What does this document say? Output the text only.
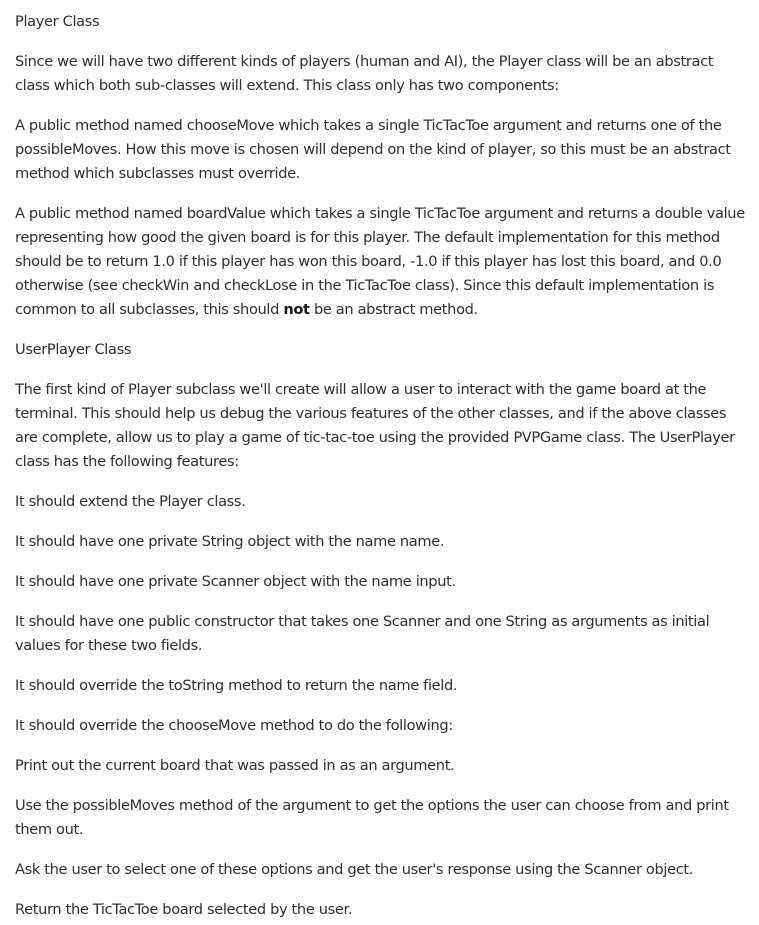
Player Class

Since we will have two different kinds of players (human and AI), the Player class will be an abstract class which both sub-classes will extend. This class only has two components:

A public method named chooseMove which takes a single TicTacToe argument and returns one of the possibleMoves. How this move is chosen will depend on the kind of player, so this must be an abstract method which subclasses must override.

A public method named boardValue which takes a single TicTacToe argument and returns a double value representing how good the given board is for this player. The default implementation for this method should be to return 1.0 if this player has won this board, -1.0 if this player has lost this board, and 0.0 otherwise (see checkWin and checkLose in the TicTacToe class). Since this default implementation is common to all subclasses, this should not be an abstract method.

UserPlayer Class

The first kind of Player subclass we'll create will allow a user to interact with the game board at the terminal. This should help us debug the various features of the other classes, and if the above classes are complete, allow us to play a game of tic-tac-toe using the provided PVPGame class. The UserPlayer class has the following features:

It should extend the Player class.

It should have one private String object with the name name.

It should have one private Scanner object with the name input.

It should have one public constructor that takes one Scanner and one String as arguments as initial values for these two fields.

It should override the toString method to return the name field.

It should override the chooseMove method to do the following:

Print out the current board that was passed in as an argument.

Use the possibleMoves method of the argument to get the options the user can choose from and print them out.

Ask the user to select one of these options and get the user's response using the Scanner object.

Return the TicTacToe board selected by the user.
